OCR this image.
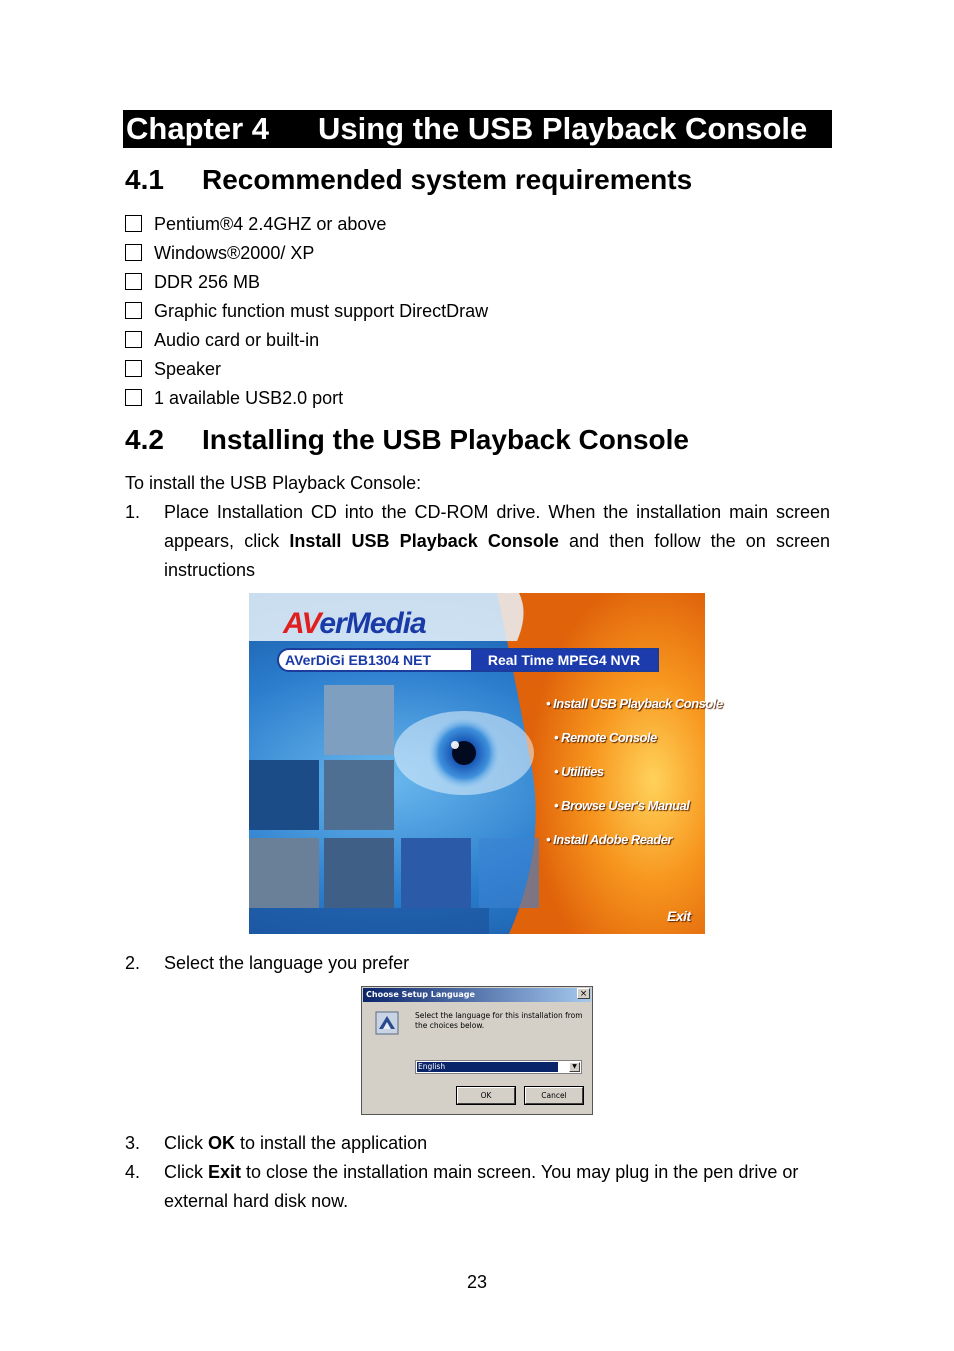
Chapter 4 Using the USB Playback Console
4.1 Recommended system requirements
Pentium®4 2.4GHZ or above
Windows®2000/ XP
DDR 256 MB
Graphic function must support DirectDraw
Audio card or built-in
Speaker
1 available USB2.0 port
4.2 Installing the USB Playback Console
To install the USB Playback Console:
1. Place Installation CD into the CD-ROM drive. When the installation main screen appears, click Install USB Playback Console and then follow the on screen instructions
AVerMedia
AVerDiGi EB1304 NET	Real Time MPEG4 NVR
• Install USB Playback Console
• Remote Console
• Utilities
• Browse User's Manual
• Install Adobe Reader
Exit
2. Select the language you prefer
Choose Setup Language	×
Select the language for this installation from the choices below.
English	▼
OK	Cancel
3. Click OK to install the application
4. Click Exit to close the installation main screen. You may plug in the pen drive or external hard disk now.
23
